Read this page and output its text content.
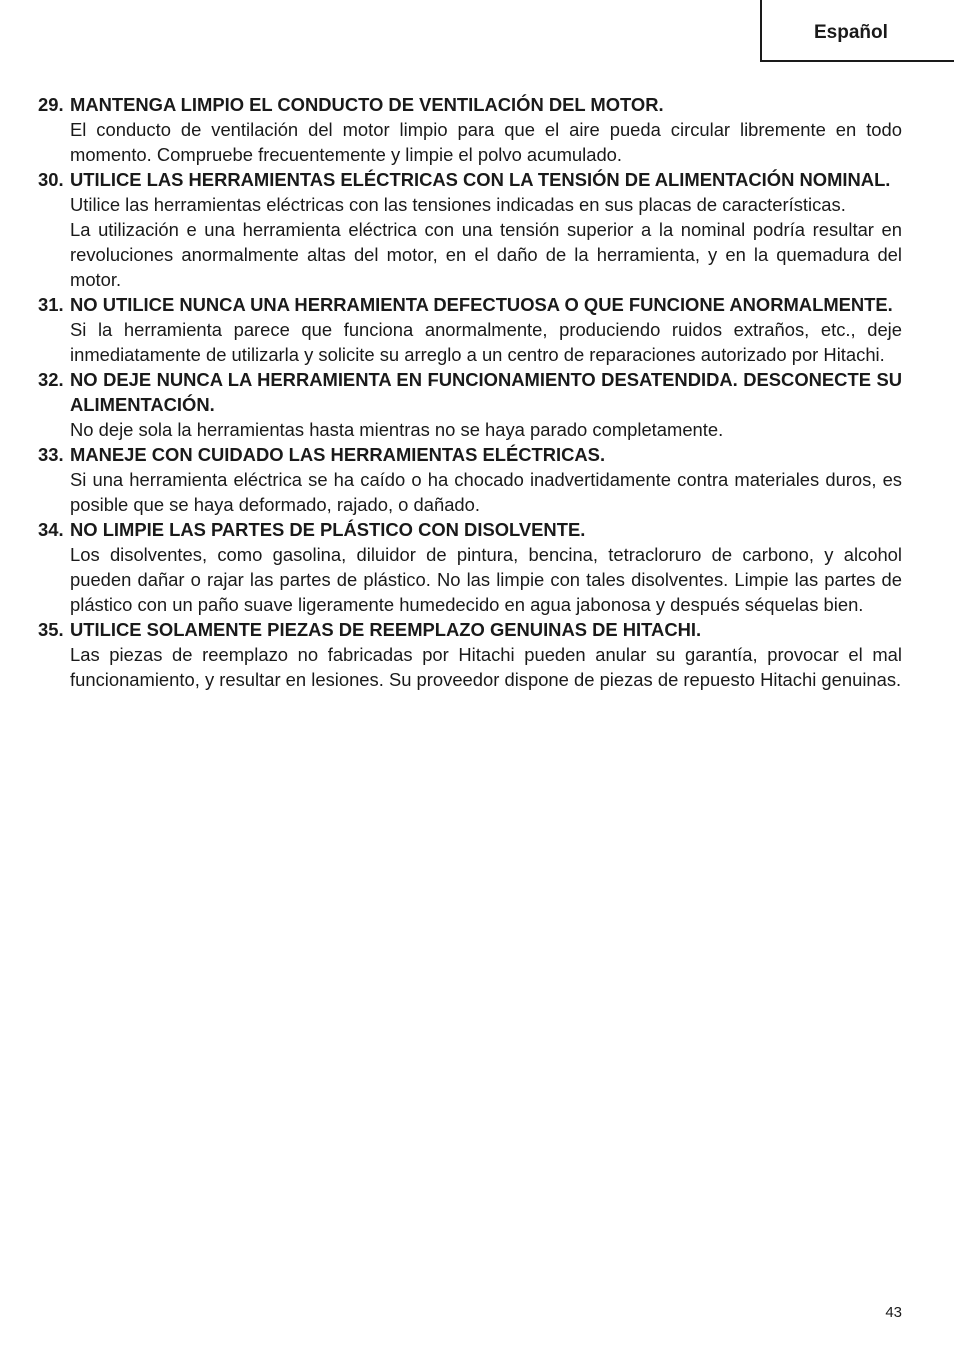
Español
29. MANTENGA LIMPIO EL CONDUCTO DE VENTILACIÓN DEL MOTOR.
El conducto de ventilación del motor limpio para que el aire pueda circular libremente en todo momento. Compruebe frecuentemente y limpie el polvo acumulado.
30. UTILICE LAS HERRAMIENTAS ELÉCTRICAS CON LA TENSIÓN DE ALIMENTACIÓN NOMINAL.
Utilice las herramientas eléctricas con las tensiones indicadas en sus placas de características.
La utilización e una herramienta eléctrica con una tensión superior a la nominal podría resultar en revoluciones anormalmente altas del motor, en el daño de la herramienta, y en la quemadura del motor.
31. NO UTILICE NUNCA UNA HERRAMIENTA DEFECTUOSA O QUE FUNCIONE ANORMALMENTE.
Si la herramienta parece que funciona anormalmente, produciendo ruidos extraños, etc., deje inmediatamente de utilizarla y solicite su arreglo a un centro de reparaciones autorizado por Hitachi.
32. NO DEJE NUNCA LA HERRAMIENTA EN FUNCIONAMIENTO DESATENDIDA. DESCONECTE SU ALIMENTACIÓN.
No deje sola la herramientas hasta mientras no se haya parado completamente.
33. MANEJE CON CUIDADO LAS HERRAMIENTAS ELÉCTRICAS.
Si una herramienta eléctrica se ha caído o ha chocado inadvertidamente contra materiales duros, es posible que se haya deformado, rajado, o dañado.
34. NO LIMPIE LAS PARTES DE PLÁSTICO CON DISOLVENTE.
Los disolventes, como gasolina, diluidor de pintura, bencina, tetracloruro de carbono, y alcohol pueden dañar o rajar las partes de plástico. No las limpie con tales disolventes. Limpie las partes de plástico con un paño suave ligeramente humedecido en agua jabonosa y después séquelas bien.
35. UTILICE SOLAMENTE PIEZAS DE REEMPLAZO GENUINAS DE HITACHI.
Las piezas de reemplazo no fabricadas por Hitachi pueden anular su garantía, provocar el mal funcionamiento, y resultar en lesiones. Su proveedor dispone de piezas de repuesto Hitachi genuinas.
43
